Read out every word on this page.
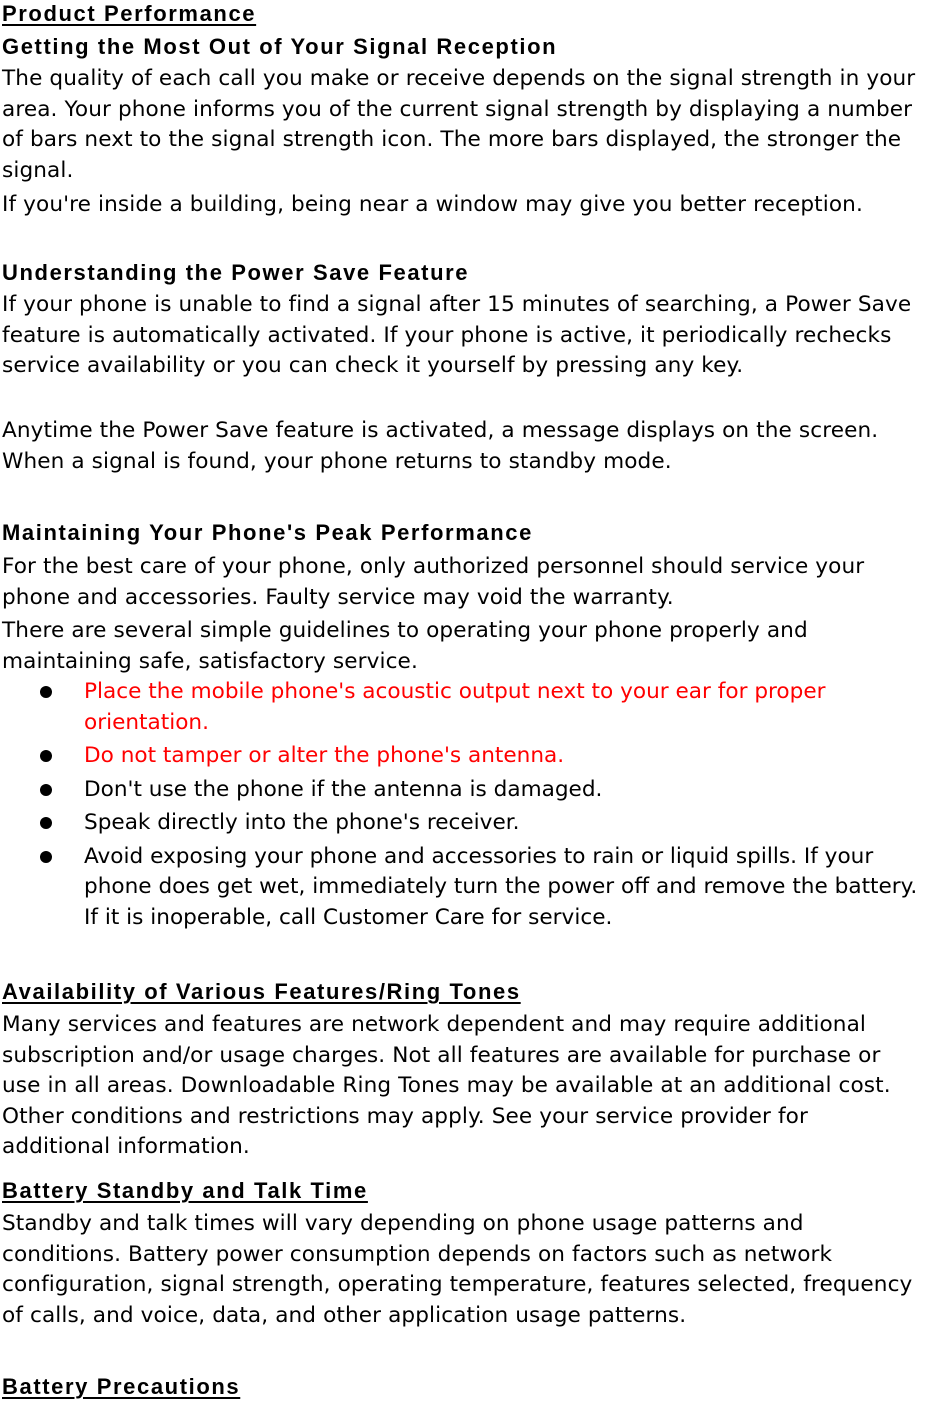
Product Performance
Getting the Most Out of Your Signal Reception

The quality of each call you make or receive depends on the signal strength in your area. Your phone informs you of the current signal strength by displaying a number of bars next to the signal strength icon. The more bars displayed, the stronger the signal.

If you're inside a building, being near a window may give you better reception.

Understanding the Power Save Feature

If your phone is unable to find a signal after 15 minutes of searching, a Power Save feature is automatically activated. If your phone is active, it periodically rechecks service availability or you can check it yourself by pressing any key.

Anytime the Power Save feature is activated, a message displays on the screen. When a signal is found, your phone returns to standby mode.

Maintaining Your Phone's Peak Performance

For the best care of your phone, only authorized personnel should service your phone and accessories. Faulty service may void the warranty.

There are several simple guidelines to operating your phone properly and maintaining safe, satisfactory service.

Place the mobile phone's acoustic output next to your ear for proper orientation.
Do not tamper or alter the phone's antenna.
Don't use the phone if the antenna is damaged.
Speak directly into the phone's receiver.
Avoid exposing your phone and accessories to rain or liquid spills. If your phone does get wet, immediately turn the power off and remove the battery. If it is inoperable, call Customer Care for service.
Availability of Various Features/Ring Tones

Many services and features are network dependent and may require additional subscription and/or usage charges. Not all features are available for purchase or use in all areas. Downloadable Ring Tones may be available at an additional cost. Other conditions and restrictions may apply. See your service provider for additional information.

Battery Standby and Talk Time

Standby and talk times will vary depending on phone usage patterns and conditions. Battery power consumption depends on factors such as network configuration, signal strength, operating temperature, features selected, frequency of calls, and voice, data, and other application usage patterns.

Battery Precautions
